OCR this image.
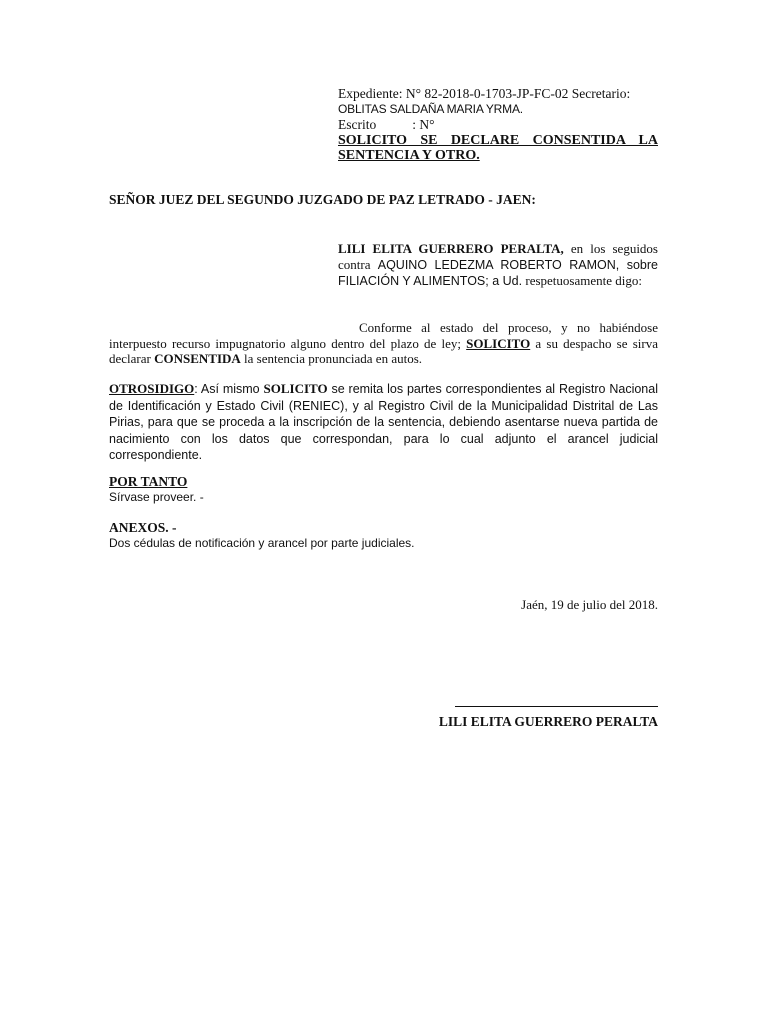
Expediente: N° 82-2018-0-1703-JP-FC-02 Secretario:
OBLITAS SALDAÑA MARIA YRMA.
Escrito	: N°
SOLICITO SE DECLARE CONSENTIDA LA SENTENCIA Y OTRO.
SEÑOR JUEZ DEL SEGUNDO JUZGADO DE PAZ LETRADO - JAEN:
LILI ELITA GUERRERO PERALTA, en los seguidos contra AQUINO LEDEZMA ROBERTO RAMON, sobre FILIACIÓN Y ALIMENTOS; a Ud. respetuosamente digo:
Conforme al estado del proceso, y no habiéndose interpuesto recurso impugnatorio alguno dentro del plazo de ley; SOLICITO a su despacho se sirva declarar CONSENTIDA la sentencia pronunciada en autos.
OTROSIDIGO: Así mismo SOLICITO se remita los partes correspondientes al Registro Nacional de Identificación y Estado Civil (RENIEC), y al Registro Civil de la Municipalidad Distrital de Las Pirias, para que se proceda a la inscripción de la sentencia, debiendo asentarse nueva partida de nacimiento con los datos que correspondan, para lo cual adjunto el arancel judicial correspondiente.
POR TANTO
Sírvase proveer. -
ANEXOS. -
Dos cédulas de notificación y arancel por parte judiciales.
Jaén, 19 de julio del 2018.
LILI ELITA GUERRERO PERALTA
